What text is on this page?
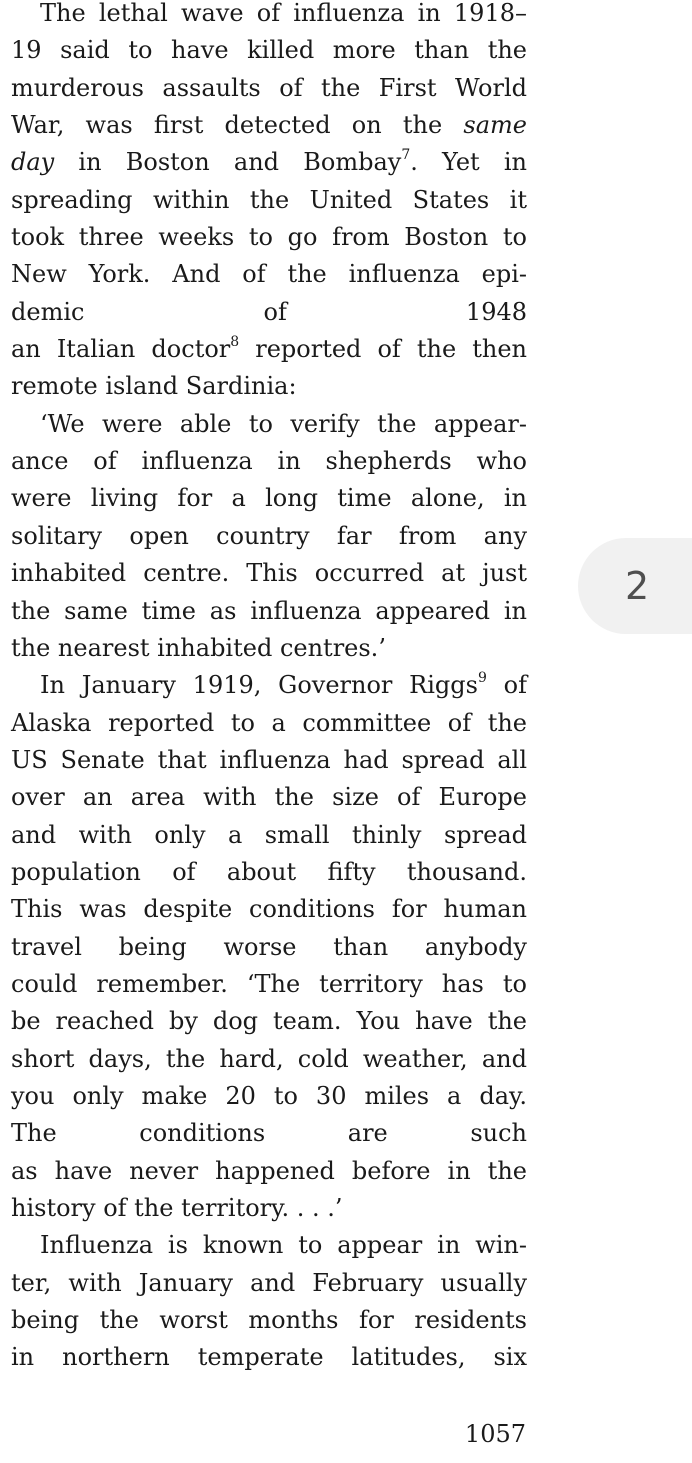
The lethal wave of influenza in 1918–
19 said to have killed more than the
murderous assaults of the First World
War, was first detected on the same
day in Boston and Bombay$^7$. Yet in
spreading within the United States it
took three weeks to go from Boston to
New York. And of the influenza epi-
demic of 1948
an Italian doctor$^8$ reported of the then
remote island Sardinia:
‘We were able to verify the appear-
ance of influenza in shepherds who
were living for a long time alone, in
solitary open country far from any
inhabited centre. This occurred at just
the same time as influenza appeared in
the nearest inhabited centres.’
In January 1919, Governor Riggs$^9$ of
Alaska reported to a committee of the
US Senate that influenza had spread all
over an area with the size of Europe
and with only a small thinly spread
population of about fifty thousand.
This was despite conditions for human
travel being worse than anybody
could remember. ‘The territory has to
be reached by dog team. You have the
short days, the hard, cold weather, and
you only make 20 to 30 miles a day.
The conditions are such
as have never happened before in the
history of the territory. . . .’
Influenza is known to appear in win-
ter, with January and February usually
being the worst months for residents
in northern temperate latitudes, six
2
1057
